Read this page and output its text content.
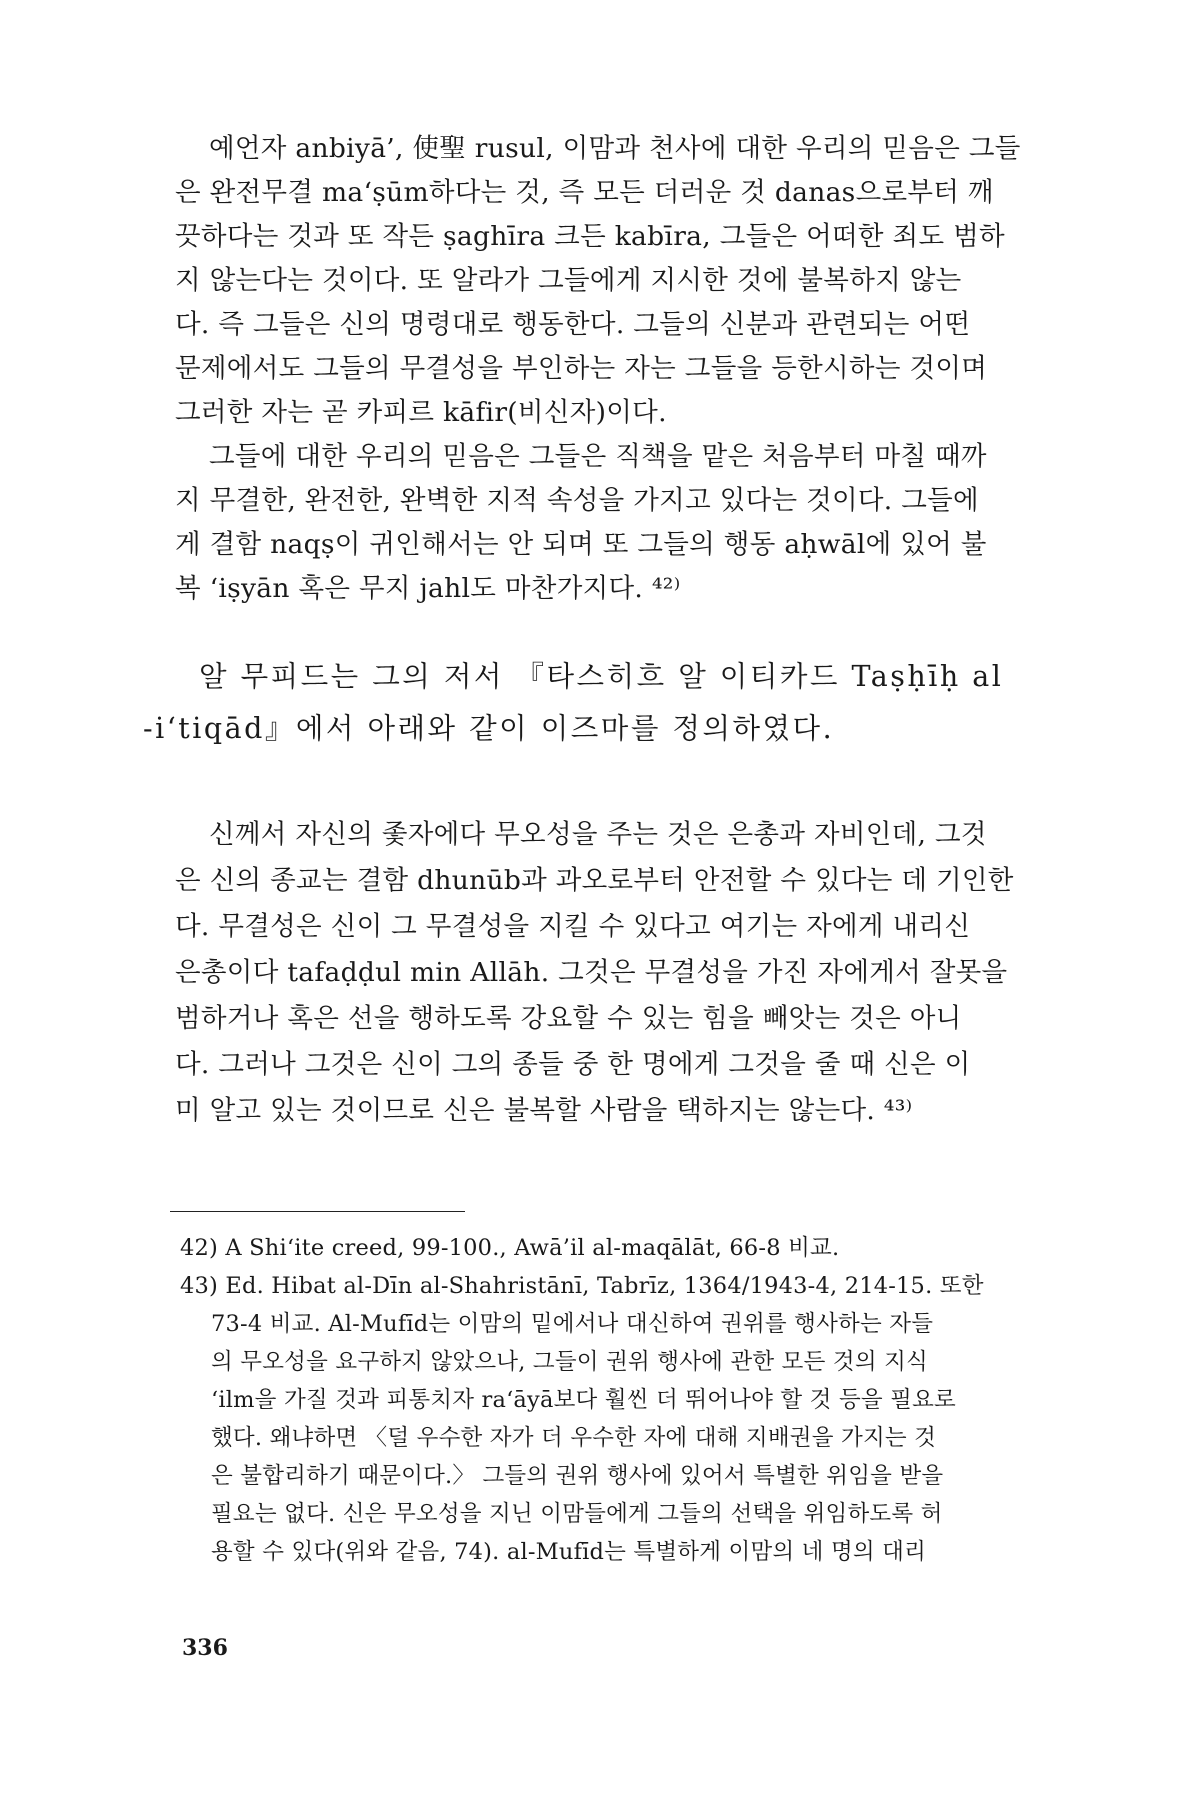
예언자 anbiyā’, 使聖 rusul, 이맘과 천사에 대한 우리의 믿음은 그들
은 완전무결 ma‘ṣūm하다는 것, 즉 모든 더러운 것 danas으로부터 깨
끗하다는 것과 또 작든 ṣaghīra 크든 kabīra, 그들은 어떠한 죄도 범하
지 않는다는 것이다. 또 알라가 그들에게 지시한 것에 불복하지 않는
다. 즉 그들은 신의 명령대로 행동한다. 그들의 신분과 관련되는 어떤
문제에서도 그들의 무결성을 부인하는 자는 그들을 등한시하는 것이며
그러한 자는 곧 카피르 kāfir(비신자)이다.
그들에 대한 우리의 믿음은 그들은 직책을 맡은 처음부터 마칠 때까
지 무결한, 완전한, 완벽한 지적 속성을 가지고 있다는 것이다. 그들에
게 결함 naqṣ이 귀인해서는 안 되며 또 그들의 행동 aḥwāl에 있어 불
복 ‘iṣyān 혹은 무지 jahl도 마찬가지다. ⁴²⁾
알 무피드는 그의 저서 『타스히흐 알 이티카드 Taṣḥīḥ al
-i‘tiqād』에서 아래와 같이 이즈마를 정의하였다.
신께서 자신의 좇자에다 무오성을 주는 것은 은총과 자비인데, 그것
은 신의 종교는 결함 dhunūb과 과오로부터 안전할 수 있다는 데 기인한
다. 무결성은 신이 그 무결성을 지킬 수 있다고 여기는 자에게 내리신
은총이다 tafaḍḍul min Allāh. 그것은 무결성을 가진 자에게서 잘못을
범하거나 혹은 선을 행하도록 강요할 수 있는 힘을 빼앗는 것은 아니
다. 그러나 그것은 신이 그의 종들 중 한 명에게 그것을 줄 때 신은 이
미 알고 있는 것이므로 신은 불복할 사람을 택하지는 않는다. ⁴³⁾
42) A Shi‘ite creed, 99-100., Awā’il al-maqālāt, 66-8 비교.
43) Ed. Hibat al-Dīn al-Shahristānī, Tabrīz, 1364/1943-4, 214-15. 또한
73-4 비교. Al-Mufīd는 이맘의 밑에서나 대신하여 권위를 행사하는 자들
의 무오성을 요구하지 않았으나, 그들이 권위 행사에 관한 모든 것의 지식
‘ilm을 가질 것과 피통치자 ra‘āyā보다 훨씬 더 뛰어나야 할 것 등을 필요로
했다. 왜냐하면 〈덜 우수한 자가 더 우수한 자에 대해 지배권을 가지는 것
은 불합리하기 때문이다.〉 그들의 권위 행사에 있어서 특별한 위임을 받을
필요는 없다. 신은 무오성을 지닌 이맘들에게 그들의 선택을 위임하도록 허
용할 수 있다(위와 같음, 74). al-Mufīd는 특별하게 이맘의 네 명의 대리
336
